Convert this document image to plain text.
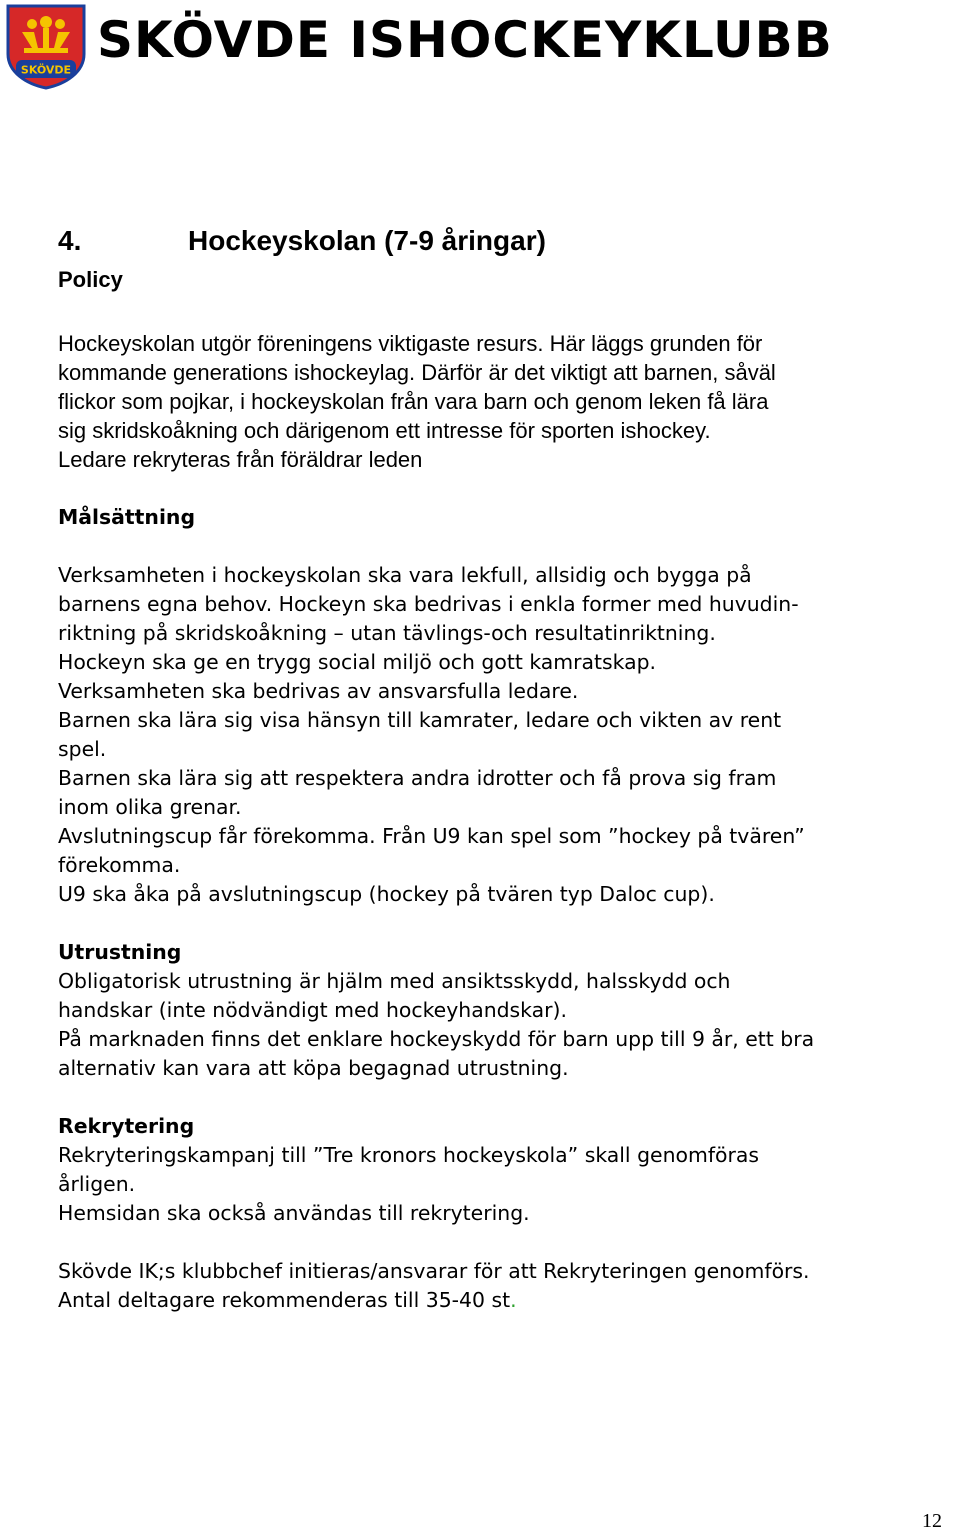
SKÖVDE
SKÖVDE ISHOCKEYKLUBB
4.	Hockeyskolan (7-9 åringar)
Policy
Hockeyskolan utgör föreningens viktigaste resurs. Här läggs grunden för
kommande generations ishockeylag. Därför är det viktigt att barnen, såväl
flickor som pojkar, i hockeyskolan från vara barn och genom leken få lära
sig skridskoåkning och därigenom ett intresse för sporten ishockey.
Ledare rekryteras från föräldrar leden
Målsättning
Verksamheten i hockeyskolan ska vara lekfull, allsidig och bygga på
barnens egna behov. Hockeyn ska bedrivas i enkla former med huvudin-
riktning på skridskoåkning – utan tävlings-och resultatinriktning.
Hockeyn ska ge en trygg social miljö och gott kamratskap.
Verksamheten ska bedrivas av ansvarsfulla ledare.
Barnen ska lära sig visa hänsyn till kamrater, ledare och vikten av rent
spel.
Barnen ska lära sig att respektera andra idrotter och få prova sig fram
inom olika grenar.
Avslutningscup får förekomma. Från U9 kan spel som ”hockey på tvären”
förekomma.
U9 ska åka på avslutningscup (hockey på tvären typ Daloc cup).
Utrustning
Obligatorisk utrustning är hjälm med ansiktsskydd, halsskydd och
handskar (inte nödvändigt med hockeyhandskar).
På marknaden finns det enklare hockeyskydd för barn upp till 9 år, ett bra
alternativ kan vara att köpa begagnad utrustning.
Rekrytering
Rekryteringskampanj till ”Tre kronors hockeyskola” skall genomföras
årligen.
Hemsidan ska också användas till rekrytering.
Skövde IK;s klubbchef initieras/ansvarar för att Rekryteringen genomförs.
Antal deltagare rekommenderas till 35-40 st.
12
